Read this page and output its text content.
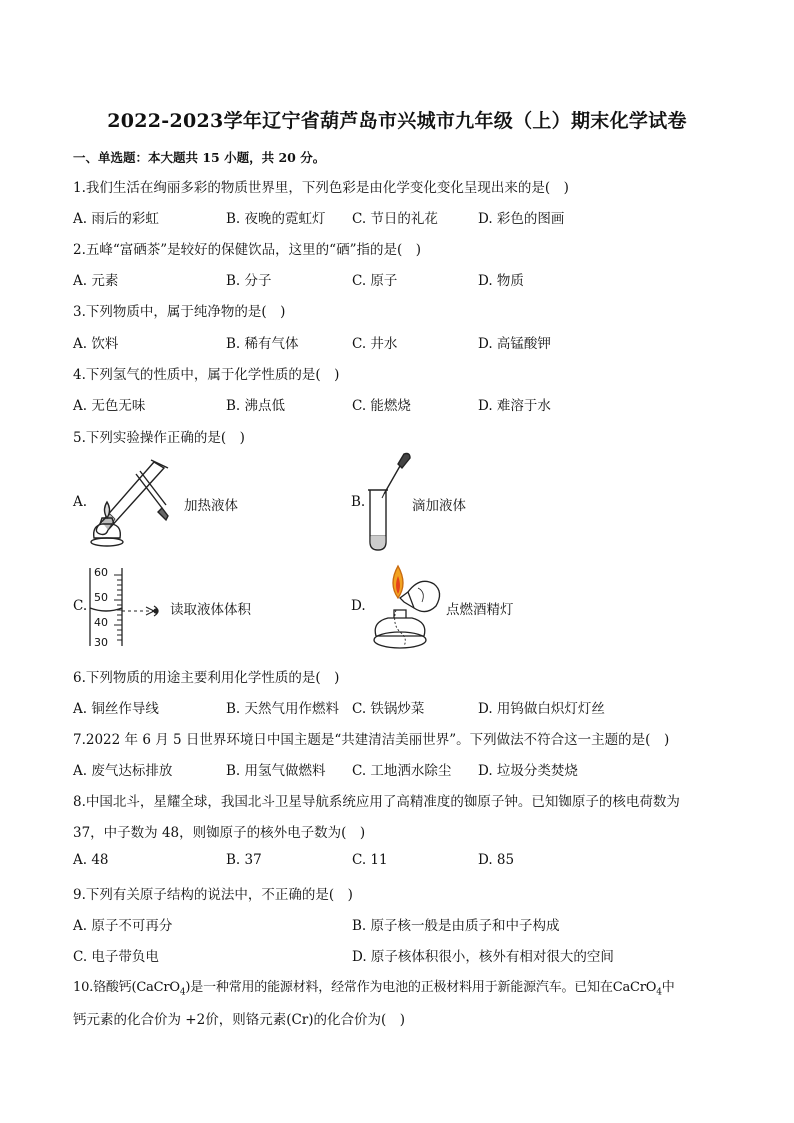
2022-2023学年辽宁省葫芦岛市兴城市九年级（上）期末化学试卷
一、单选题：本大题共 15 小题，共 20 分。
1.我们生活在绚丽多彩的物质世界里，下列色彩是由化学变化变化呈现出来的是(　)
A. 雨后的彩虹	B. 夜晚的霓虹灯 C. 节日的礼花	D. 彩色的图画
2.五峰“富硒茶”是较好的保健饮品，这里的“硒”指的是(　)
A. 元素	B. 分子	C. 原子	D. 物质
3.下列物质中，属于纯净物的是(　)
A. 饮料	B. 稀有气体	C. 井水	D. 高锰酸钾
4.下列氢气的性质中，属于化学性质的是(　)
A. 无色无味	B. 沸点低	C. 能燃烧	D. 难溶于水
5.下列实验操作正确的是(　)
A.	加热液体	B.	滴加液体
C.
60
50
40
30
读取液体体积	D.	点燃酒精灯
6.下列物质的用途主要利用化学性质的是(　)
A. 铜丝作导线	B. 天然气用作燃料 C. 铁锅炒菜	D. 用钨做白炽灯灯丝
7.2022 年 6 月 5 日世界环境日中国主题是“共建清洁美丽世界”。下列做法不符合这一主题的是(　)
A. 废气达标排放	B. 用氢气做燃料 C. 工地洒水除尘 D. 垃圾分类焚烧
8.中国北斗，星耀全球，我国北斗卫星导航系统应用了高精准度的铷原子钟。已知铷原子的核电荷数为
37，中子数为 48，则铷原子的核外电子数为(　)
A. 48	B. 37	C. 11	D. 85
9.下列有关原子结构的说法中，不正确的是(　)
A. 原子不可再分	B. 原子核一般是由质子和中子构成
C. 电子带负电	D. 原子核体积很小，核外有相对很大的空间
10.铬酸钙(CaCrO$_4$)是一种常用的能源材料，经常作为电池的正极材料用于新能源汽车。已知在CaCrO$_4$中
钙元素的化合价为 +2价，则铬元素(Cr)的化合价为(　)
